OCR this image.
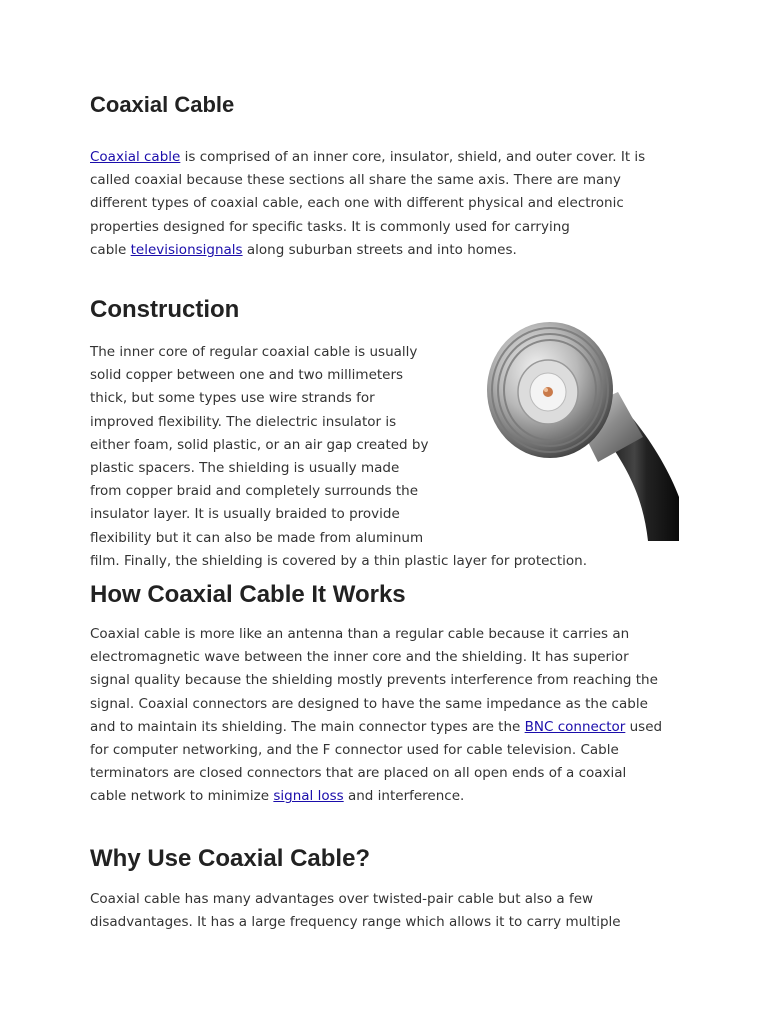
Coaxial Cable
Coaxial cable is comprised of an inner core, insulator, shield, and outer cover. It is
called coaxial because these sections all share the same axis. There are many
different types of coaxial cable, each one with different physical and electronic
properties designed for specific tasks. It is commonly used for carrying
cable televisionsignals along suburban streets and into homes.
Construction
The inner core of regular coaxial cable is usually
solid copper between one and two millimeters
thick, but some types use wire strands for
improved flexibility. The dielectric insulator is
either foam, solid plastic, or an air gap created by
plastic spacers. The shielding is usually made
from copper braid and completely surrounds the
insulator layer. It is usually braided to provide
flexibility but it can also be made from aluminum
film. Finally, the shielding is covered by a thin plastic layer for protection.
How Coaxial Cable It Works
Coaxial cable is more like an antenna than a regular cable because it carries an
electromagnetic wave between the inner core and the shielding. It has superior
signal quality because the shielding mostly prevents interference from reaching the
signal. Coaxial connectors are designed to have the same impedance as the cable
and to maintain its shielding. The main connector types are the BNC connector used
for computer networking, and the F connector used for cable television. Cable
terminators are closed connectors that are placed on all open ends of a coaxial
cable network to minimize signal loss and interference.
Why Use Coaxial Cable?
Coaxial cable has many advantages over twisted-pair cable but also a few
disadvantages. It has a large frequency range which allows it to carry multiple
